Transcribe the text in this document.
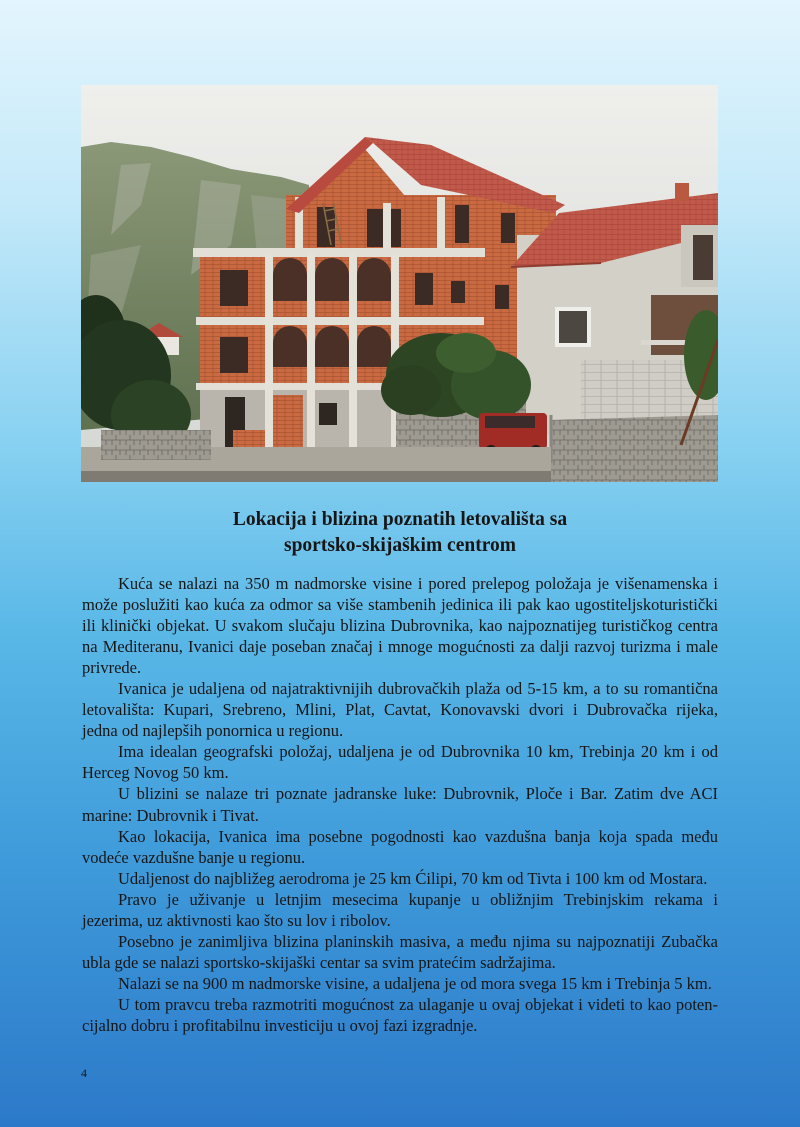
Lokacija i blizina poznatih letovališta sa
sportsko-skijaškim centrom

Kuća se nalazi na 350 m nadmorske visine i pored prelepog položaja je višenamenska i
može poslužiti kao kuća za odmor sa više stambenih jedinica ili pak kao ugostiteljskoturistički
ili klinički objekat. U svakom slučaju blizina Dubrovnika, kao najpoznatijeg turističkog centra
na Mediteranu, Ivanici daje poseban značaj i mnoge mogućnosti za dalji razvoj turizma i male
privrede.

Ivanica je udaljena od najatraktivnijih dubrovačkih plaža od 5-15 km, a to su romantična
letovališta: Kupari, Srebreno, Mlini, Plat, Cavtat, Konovavski dvori i Dubrovačka rijeka,
jedna od najlepših ponornica u regionu.

Ima idealan geografski položaj, udaljena je od Dubrovnika 10 km, Trebinja 20 km i od
Herceg Novog 50 km.

U blizini se nalaze tri poznate jadranske luke: Dubrovnik, Ploče i Bar. Zatim dve ACI
marine: Dubrovnik i Tivat.

Kao lokacija, Ivanica ima posebne pogodnosti kao vazdušna banja koja spada među
vodeće vazdušne banje u regionu.

Udaljenost do najbližeg aerodroma je 25 km Ćilipi, 70 km od Tivta i 100 km od Mostara.

Pravo je uživanje u letnjim mesecima kupanje u obližnjim Trebinjskim rekama i
jezerima, uz aktivnosti kao što su lov i ribolov.

Posebno je zanimljiva blizina planinskih masiva, a među njima su najpoznatiji Zubačka
ubla gde se nalazi sportsko-skijaški centar sa svim pratećim sadržajima.

Nalazi se na 900 m nadmorske visine, a udaljena je od mora svega 15 km i Trebinja 5 km.

U tom pravcu treba razmotriti mogućnost za ulaganje u ovaj objekat i videti to kao poten-
cijalno dobru i profitabilnu investiciju u ovoj fazi izgradnje.

4
